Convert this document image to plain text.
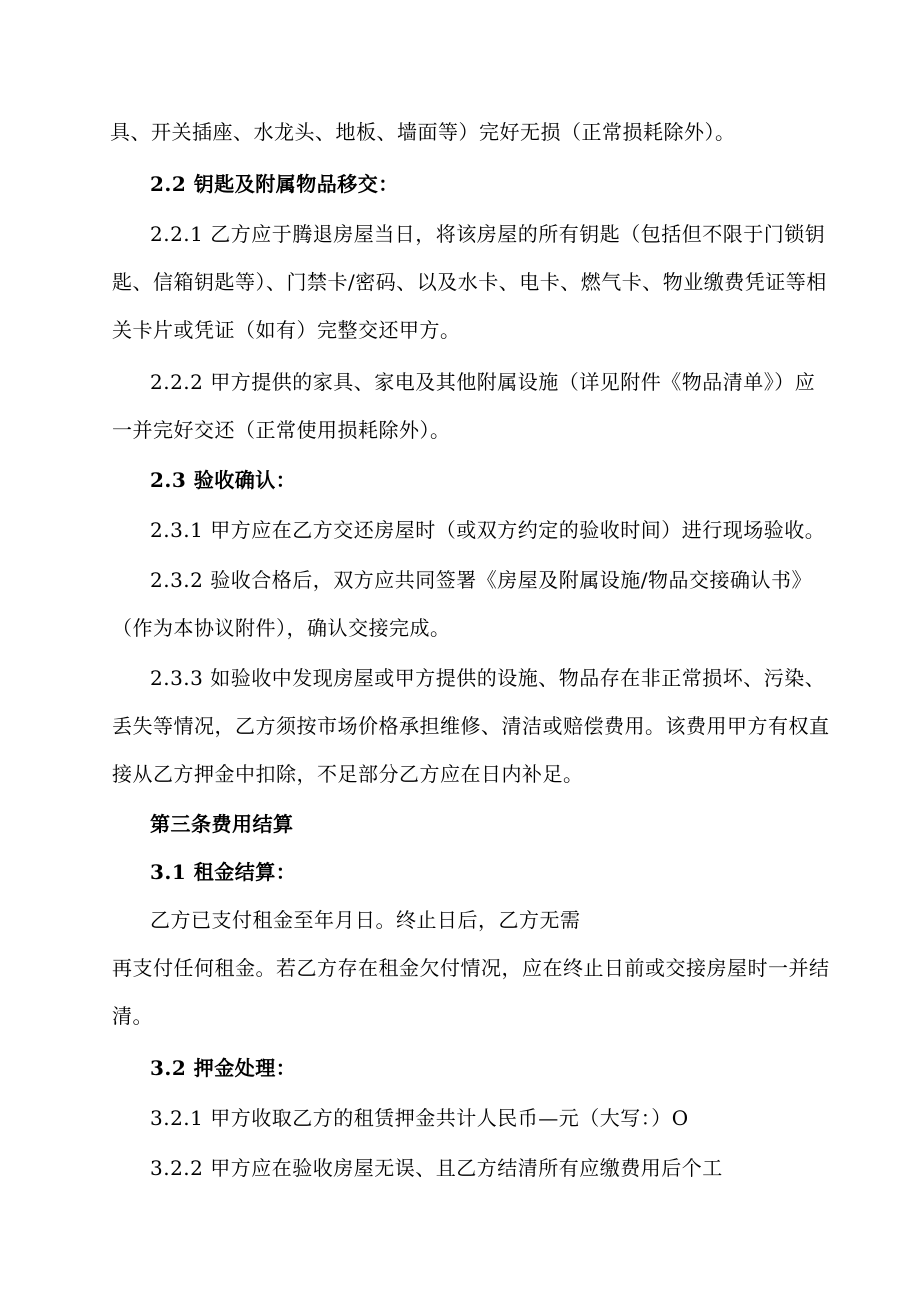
具、开关插座、水龙头、地板、墙面等）完好无损（正常损耗除外）。
2.2 钥匙及附属物品移交：
2.2.1 乙方应于腾退房屋当日，将该房屋的所有钥匙（包括但不限于门锁钥
匙、信箱钥匙等）、门禁卡/密码、以及水卡、电卡、燃气卡、物业缴费凭证等相
关卡片或凭证（如有）完整交还甲方。
2.2.2 甲方提供的家具、家电及其他附属设施（详见附件《物品清单》）应
一并完好交还（正常使用损耗除外）。
2.3 验收确认：
2.3.1 甲方应在乙方交还房屋时（或双方约定的验收时间）进行现场验收。
2.3.2 验收合格后，双方应共同签署《房屋及附属设施/物品交接确认书》
（作为本协议附件），确认交接完成。
2.3.3 如验收中发现房屋或甲方提供的设施、物品存在非正常损坏、污染、
丢失等情况，乙方须按市场价格承担维修、清洁或赔偿费用。该费用甲方有权直
接从乙方押金中扣除，不足部分乙方应在日内补足。
第三条费用结算
3.1 租金结算：
乙方已支付租金至年月日。终止日后，乙方无需
再支付任何租金。若乙方存在租金欠付情况，应在终止日前或交接房屋时一并结
清。
3.2 押金处理：
3.2.1 甲方收取乙方的租赁押金共计人民币—元（大写：）O
3.2.2 甲方应在验收房屋无误、且乙方结清所有应缴费用后个工
